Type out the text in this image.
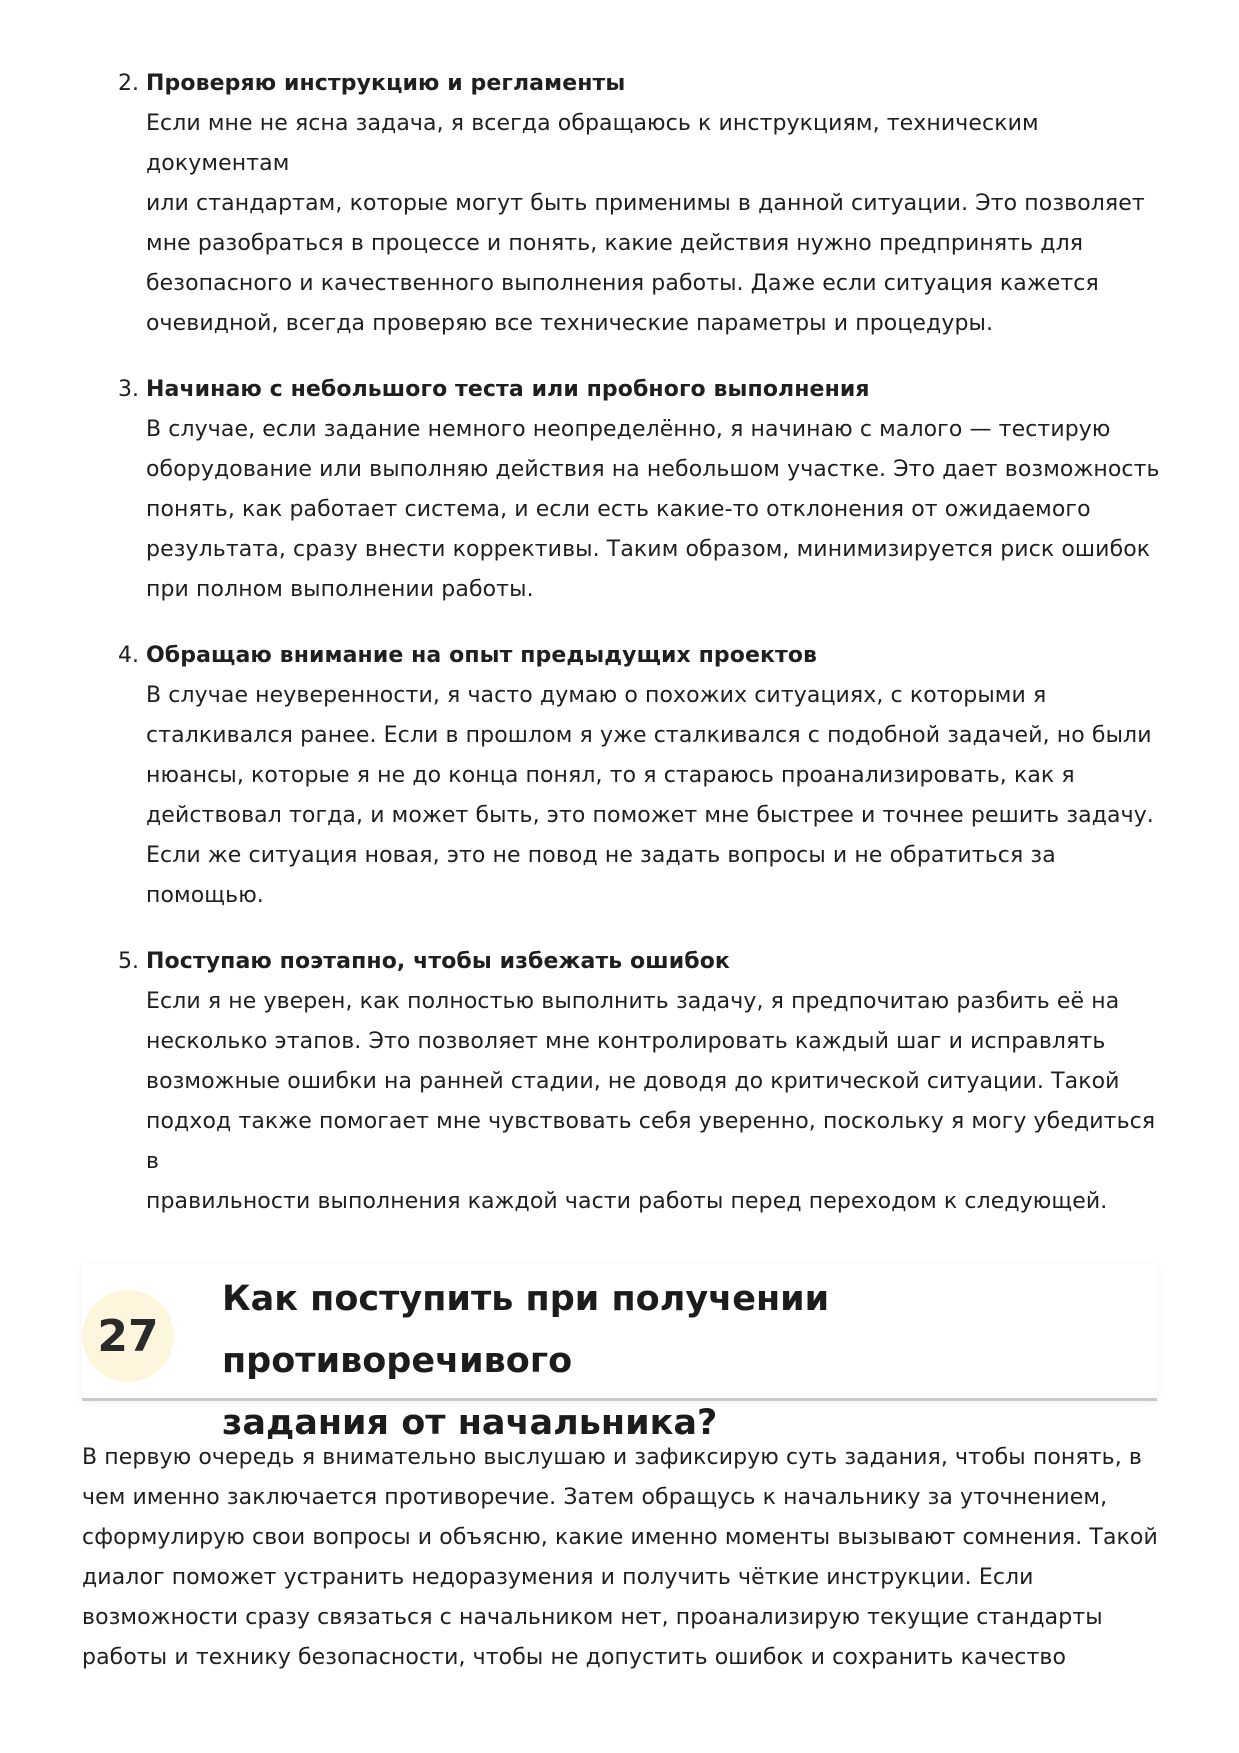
2. Проверяю инструкцию и регламенты
Если мне не ясна задача, я всегда обращаюсь к инструкциям, техническим документам
или стандартам, которые могут быть применимы в данной ситуации. Это позволяет
мне разобраться в процессе и понять, какие действия нужно предпринять для
безопасного и качественного выполнения работы. Даже если ситуация кажется
очевидной, всегда проверяю все технические параметры и процедуры.
3. Начинаю с небольшого теста или пробного выполнения
В случае, если задание немного неопределённо, я начинаю с малого — тестирую
оборудование или выполняю действия на небольшом участке. Это дает возможность
понять, как работает система, и если есть какие-то отклонения от ожидаемого
результата, сразу внести коррективы. Таким образом, минимизируется риск ошибок
при полном выполнении работы.
4. Обращаю внимание на опыт предыдущих проектов
В случае неуверенности, я часто думаю о похожих ситуациях, с которыми я
сталкивался ранее. Если в прошлом я уже сталкивался с подобной задачей, но были
нюансы, которые я не до конца понял, то я стараюсь проанализировать, как я
действовал тогда, и может быть, это поможет мне быстрее и точнее решить задачу.
Если же ситуация новая, это не повод не задать вопросы и не обратиться за помощью.
5. Поступаю поэтапно, чтобы избежать ошибок
Если я не уверен, как полностью выполнить задачу, я предпочитаю разбить её на
несколько этапов. Это позволяет мне контролировать каждый шаг и исправлять
возможные ошибки на ранней стадии, не доводя до критической ситуации. Такой
подход также помогает мне чувствовать себя уверенно, поскольку я могу убедиться в
правильности выполнения каждой части работы перед переходом к следующей.
27
Как поступить при получении противоречивого
задания от начальника?

В первую очередь я внимательно выслушаю и зафиксирую суть задания, чтобы понять, в
чем именно заключается противоречие. Затем обращусь к начальнику за уточнением,
сформулирую свои вопросы и объясню, какие именно моменты вызывают сомнения. Такой
диалог поможет устранить недоразумения и получить чёткие инструкции. Если
возможности сразу связаться с начальником нет, проанализирую текущие стандарты
работы и технику безопасности, чтобы не допустить ошибок и сохранить качество
